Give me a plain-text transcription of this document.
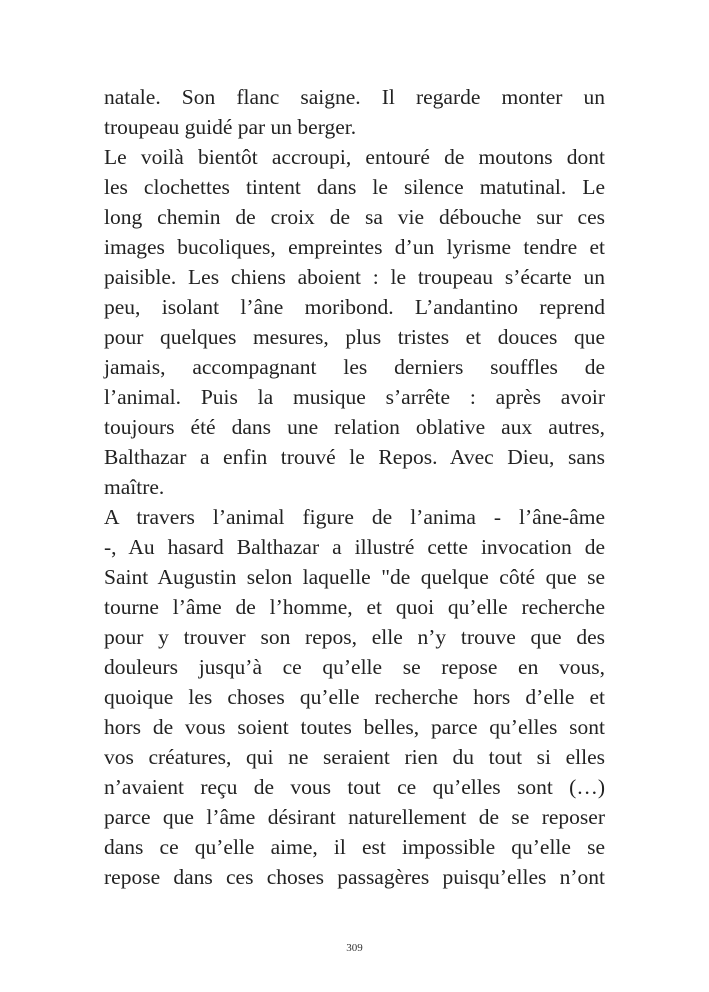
natale. Son flanc saigne. Il regarde monter un
troupeau guidé par un berger.
Le voilà bientôt accroupi, entouré de moutons dont
les clochettes tintent dans le silence matutinal. Le
long chemin de croix de sa vie débouche sur ces
images bucoliques, empreintes d’un lyrisme tendre et
paisible. Les chiens aboient : le troupeau s’écarte un
peu, isolant l’âne moribond. L’andantino reprend
pour quelques mesures, plus tristes et douces que
jamais, accompagnant les derniers souffles de
l’animal. Puis la musique s’arrête : après avoir
toujours été dans une relation oblative aux autres,
Balthazar a enfin trouvé le Repos. Avec Dieu, sans
maître.
A travers l’animal figure de l’anima - l’âne-âme
-, Au hasard Balthazar a illustré cette invocation de
Saint Augustin selon laquelle "de quelque côté que se
tourne l’âme de l’homme, et quoi qu’elle recherche
pour y trouver son repos, elle n’y trouve que des
douleurs jusqu’à ce qu’elle se repose en vous,
quoique les choses qu’elle recherche hors d’elle et
hors de vous soient toutes belles, parce qu’elles sont
vos créatures, qui ne seraient rien du tout si elles
n’avaient reçu de vous tout ce qu’elles sont (…)
parce que l’âme désirant naturellement de se reposer
dans ce qu’elle aime, il est impossible qu’elle se
repose dans ces choses passagères puisqu’elles n’ont
309
